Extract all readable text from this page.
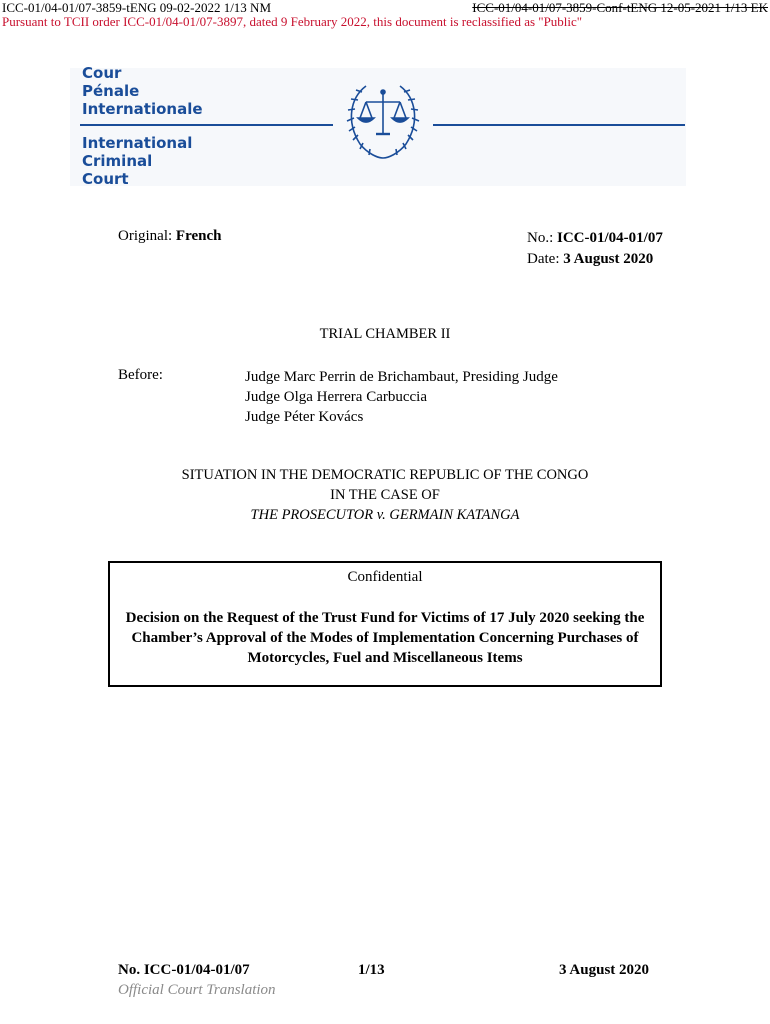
ICC-01/04-01/07-3859-tENG 09-02-2022 1/13 NM	ICC-01/04-01/07-3859-Conf-tENG 12-05-2021 1/13 EK
Pursuant to TCII order ICC-01/04-01/07-3897, dated 9 February 2022, this document is reclassified as "Public"
Cour
Pénale
Internationale
International
Criminal
Court
Original: French	No.: ICC-01/04-01/07
Date: 3 August 2020
TRIAL CHAMBER II
Before:	Judge Marc Perrin de Brichambaut, Presiding Judge
Judge Olga Herrera Carbuccia
Judge Péter Kovács
SITUATION IN THE DEMOCRATIC REPUBLIC OF THE CONGO
IN THE CASE OF
THE PROSECUTOR v. GERMAIN KATANGA
Confidential
Decision on the Request of the Trust Fund for Victims of 17 July 2020 seeking the
Chamber’s Approval of the Modes of Implementation Concerning Purchases of
Motorcycles, Fuel and Miscellaneous Items
No. ICC-01/04-01/07	1/13	3 August 2020
Official Court Translation
